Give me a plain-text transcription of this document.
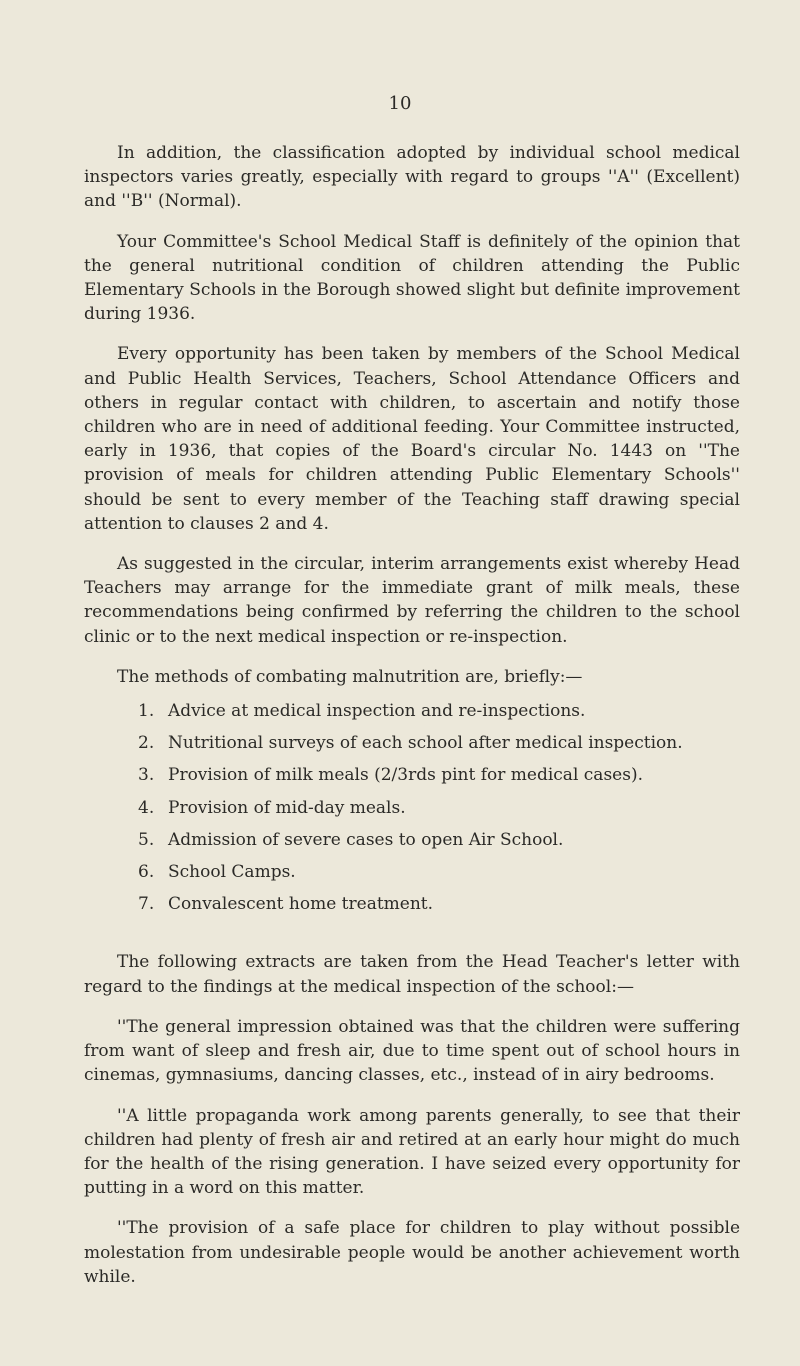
10

In addition, the classification adopted by individual school medical inspectors varies greatly, especially with regard to groups ''A'' (Excellent) and ''B'' (Normal).

Your Committee's School Medical Staff is definitely of the opinion that the general nutritional condition of children attending the Public Elementary Schools in the Borough showed slight but definite improvement during 1936.

Every opportunity has been taken by members of the School Medical and Public Health Services, Teachers, School Attendance Officers and others in regular contact with children, to ascertain and notify those children who are in need of additional feeding. Your Committee instructed, early in 1936, that copies of the Board's circular No. 1443 on ''The provision of meals for children attending Public Elementary Schools'' should be sent to every member of the Teaching staff drawing special attention to clauses 2 and 4.

As suggested in the circular, interim arrangements exist whereby Head Teachers may arrange for the immediate grant of milk meals, these recommendations being confirmed by referring the children to the school clinic or to the next medical inspection or re-inspection.

The methods of combating malnutrition are, briefly:—

1. Advice at medical inspection and re-inspections.
2. Nutritional surveys of each school after medical inspection.
3. Provision of milk meals (2/3rds pint for medical cases).
4. Provision of mid-day meals.
5. Admission of severe cases to open Air School.
6. School Camps.
7. Convalescent home treatment.

The following extracts are taken from the Head Teacher's letter with regard to the findings at the medical inspection of the school:—

''The general impression obtained was that the children were suffering from want of sleep and fresh air, due to time spent out of school hours in cinemas, gymnasiums, dancing classes, etc., instead of in airy bedrooms.

''A little propaganda work among parents generally, to see that their children had plenty of fresh air and retired at an early hour might do much for the health of the rising generation. I have seized every opportunity for putting in a word on this matter.

''The provision of a safe place for children to play without possible molestation from undesirable people would be another achievement worth while.
